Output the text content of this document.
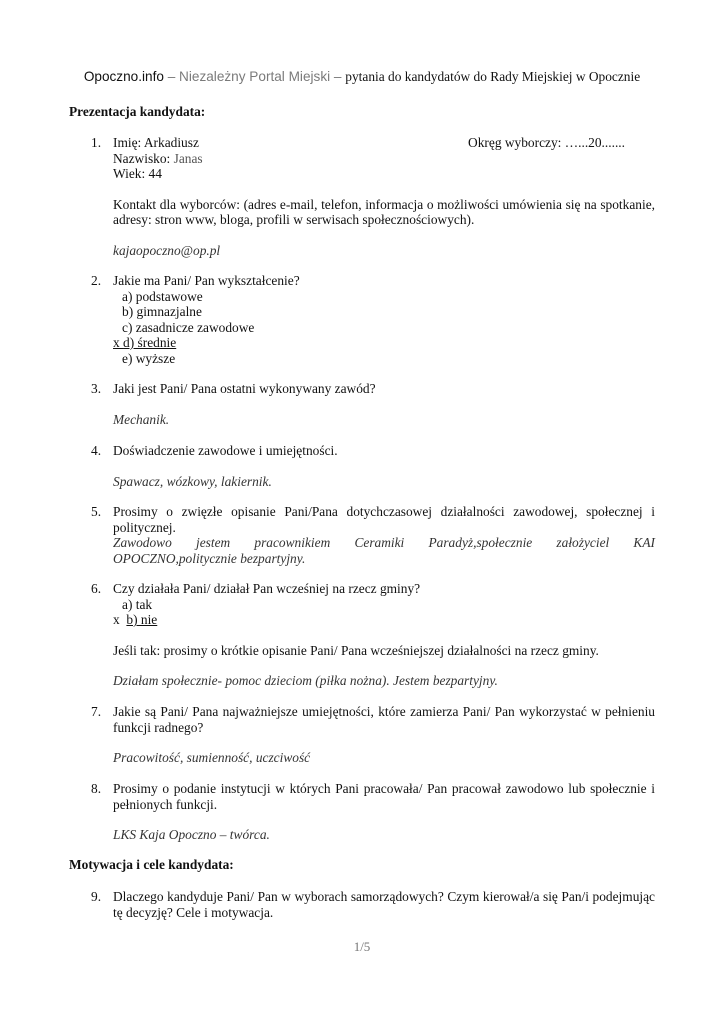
Opoczno.info – Niezależny Portal Miejski – pytania do kandydatów do Rady Miejskiej w Opocznie
Prezentacja kandydata:
1. Imię: Arkadiusz	Okręg wyborczy: …...20.......
Nazwisko: Janas
Wiek: 44
Kontakt dla wyborców: (adres e-mail, telefon, informacja o możliwości umówienia się na spotkanie, adresy: stron www, bloga, profili w serwisach społecznościowych).
kajaopoczno@op.pl
2. Jakie ma Pani/ Pan wykształcenie?
a) podstawowe
b) gimnazjalne
c) zasadnicze zawodowe
x d) średnie
e) wyższe
3. Jaki jest Pani/ Pana ostatni wykonywany zawód?
Mechanik.
4. Doświadczenie zawodowe i umiejętności.
Spawacz, wózkowy, lakiernik.
5. Prosimy o zwięzłe opisanie Pani/Pana dotychczasowej działalności zawodowej, społecznej i politycznej.
Zawodowo jestem pracownikiem Ceramiki Paradyż,społecznie założyciel KAI OPOCZNO,politycznie bezpartyjny.
6. Czy działała Pani/ działał Pan wcześniej na rzecz gminy?
a) tak
x  b) nie
Jeśli tak: prosimy o krótkie opisanie Pani/ Pana wcześniejszej działalności na rzecz gminy.
Działam społecznie- pomoc dzieciom (piłka nożna). Jestem bezpartyjny.
7. Jakie są Pani/ Pana najważniejsze umiejętności, które zamierza Pani/ Pan wykorzystać w pełnieniu funkcji radnego?
Pracowitość, sumienność, uczciwość
8. Prosimy o podanie instytucji w których Pani pracowała/ Pan pracował zawodowo lub społecznie i pełnionych funkcji.
LKS Kaja Opoczno – twórca.
Motywacja i cele kandydata:
9. Dlaczego kandyduje Pani/ Pan w wyborach samorządowych? Czym kierował/a się Pan/i podejmując tę decyzję? Cele i motywacja.
1/5
